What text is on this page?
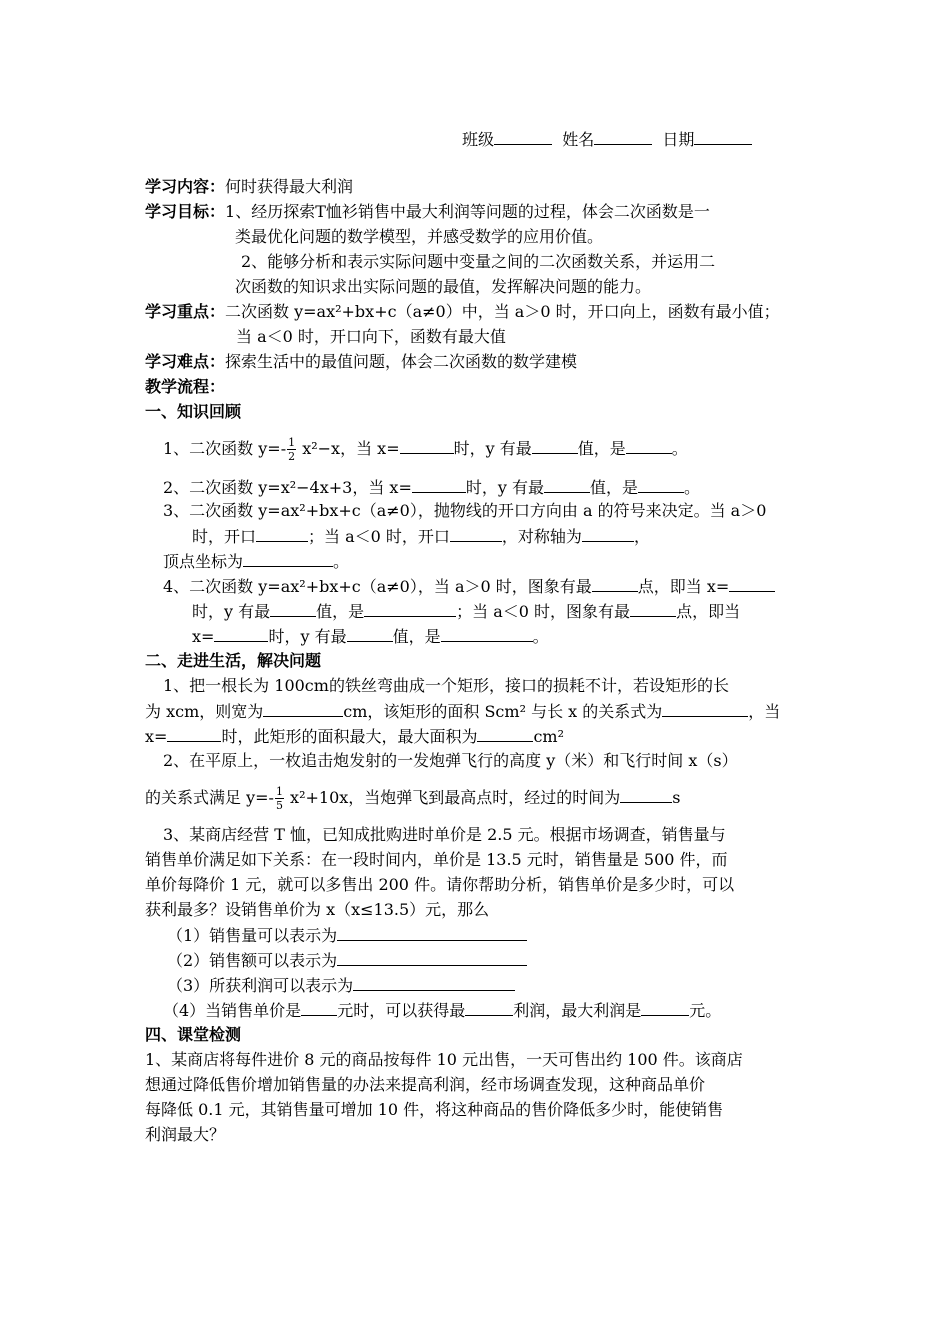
班级	姓名	日期
学习内容：何时获得最大利润
学习目标：1、经历探索T恤衫销售中最大利润等问题的过程，体会二次函数是一
类最优化问题的数学模型，并感受数学的应用价值。
2、能够分析和表示实际问题中变量之间的二次函数关系，并运用二
次函数的知识求出实际问题的最值，发挥解决问题的能力。
学习重点：二次函数 y=ax²+bx+c（a≠0）中，当 a＞0 时，开口向上，函数有最小值；
当 a＜0 时，开口向下，函数有最大值
学习难点：探索生活中的最值问题，体会二次函数的数学建模
教学流程：
一、知识回顾
1、二次函数 $y=- \frac{1}{2} x^2-x$，当 x=	时，y 有最	值，是	。
2、二次函数 y=x²−4x+3，当 x=	时，y 有最	值，是	。
3、二次函数 y=ax²+bx+c（a≠0），抛物线的开口方向由 a 的符号来决定。当 a＞0
时，开口	；当 a＜0 时，开口	，对称轴为	，
顶点坐标为	。
4、二次函数 y=ax²+bx+c（a≠0），当 a＞0 时，图象有最	点，即当 x=
时，y 有最	值，是	；当 a＜0 时，图象有最	点，即当
x=	时，y 有最	值，是	。
二、走进生活，解决问题
1、把一根长为 100cm的铁丝弯曲成一个矩形，接口的损耗不计，若设矩形的长
为 xcm，则宽为	cm，该矩形的面积 Scm² 与长 x 的关系式为	，当
x=	时，此矩形的面积最大，最大面积为	cm²
2、在平原上，一枚追击炮发射的一发炮弹飞行的高度 y（米）和飞行时间 x（s）
的关系式满足 $y=- \frac{1}{5} x^2+10x$，当炮弹飞到最高点时，经过的时间为	s
3、某商店经营 T 恤，已知成批购进时单价是 2.5 元。根据市场调查，销售量与
销售单价满足如下关系：在一段时间内，单价是 13.5 元时，销售量是 500 件，而
单价每降价 1 元，就可以多售出 200 件。请你帮助分析，销售单价是多少时，可以
获利最多？设销售单价为 x（x≤13.5）元，那么
（1）销售量可以表示为
（2）销售额可以表示为
（3）所获利润可以表示为
（4）当销售单价是 元时，可以获得最	利润，最大利润是	元。
四、课堂检测
1、某商店将每件进价 8 元的商品按每件 10 元出售，一天可售出约 100 件。该商店
想通过降低售价增加销售量的办法来提高利润，经市场调查发现，这种商品单价
每降低 0.1 元，其销售量可增加 10 件，将这种商品的售价降低多少时，能使销售
利润最大？
